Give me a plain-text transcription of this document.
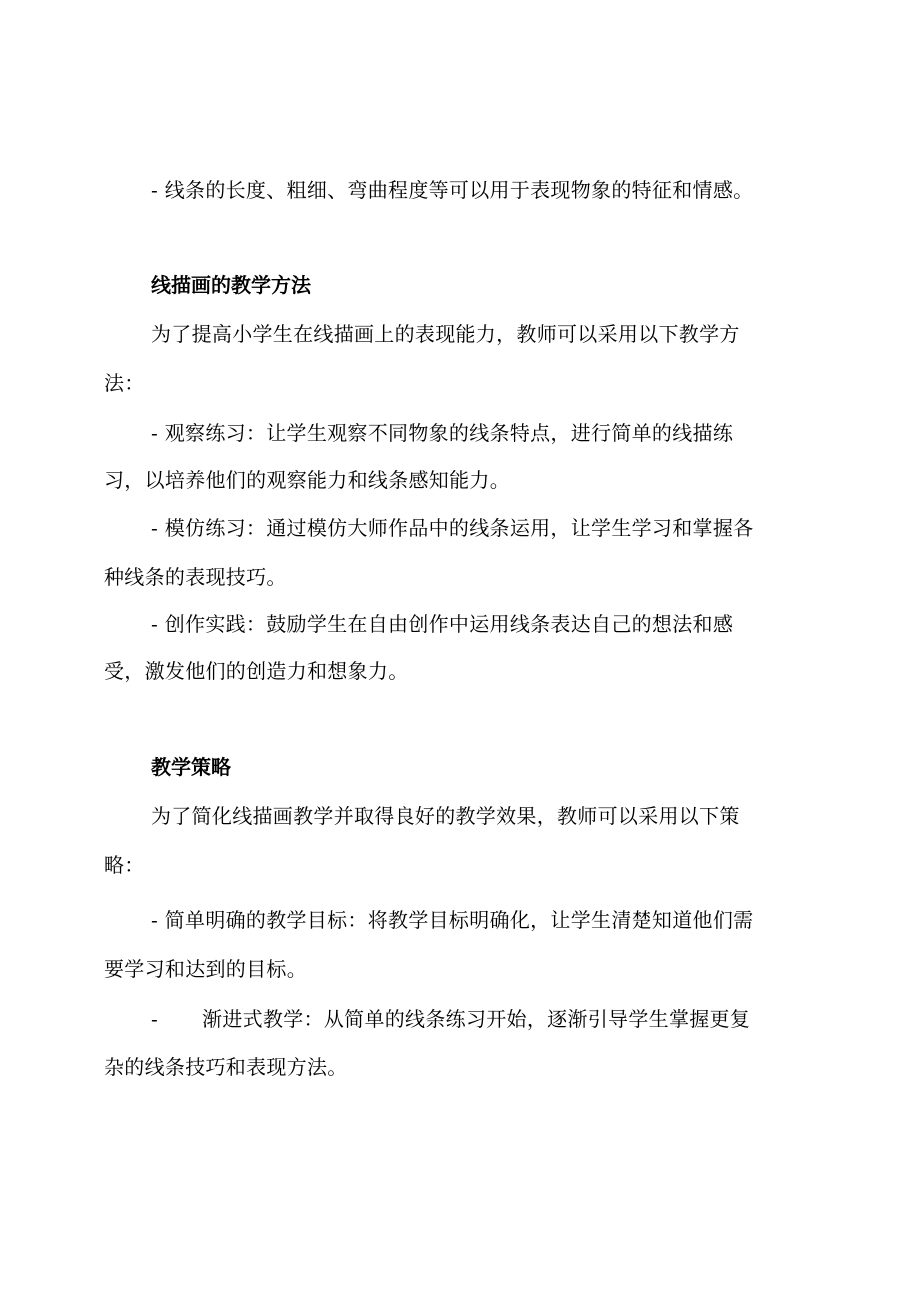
- 线条的长度、粗细、弯曲程度等可以用于表现物象的特征和情感。
线描画的教学方法
为了提高小学生在线描画上的表现能力，教师可以采用以下教学方
法：
- 观察练习：让学生观察不同物象的线条特点，进行简单的线描练
习，以培养他们的观察能力和线条感知能力。
- 模仿练习：通过模仿大师作品中的线条运用，让学生学习和掌握各
种线条的表现技巧。
- 创作实践：鼓励学生在自由创作中运用线条表达自己的想法和感
受，激发他们的创造力和想象力。
教学策略
为了简化线描画教学并取得良好的教学效果，教师可以采用以下策
略：
- 简单明确的教学目标：将教学目标明确化，让学生清楚知道他们需
要学习和达到的目标。
- 渐进式教学：从简单的线条练习开始，逐渐引导学生掌握更复
杂的线条技巧和表现方法。
